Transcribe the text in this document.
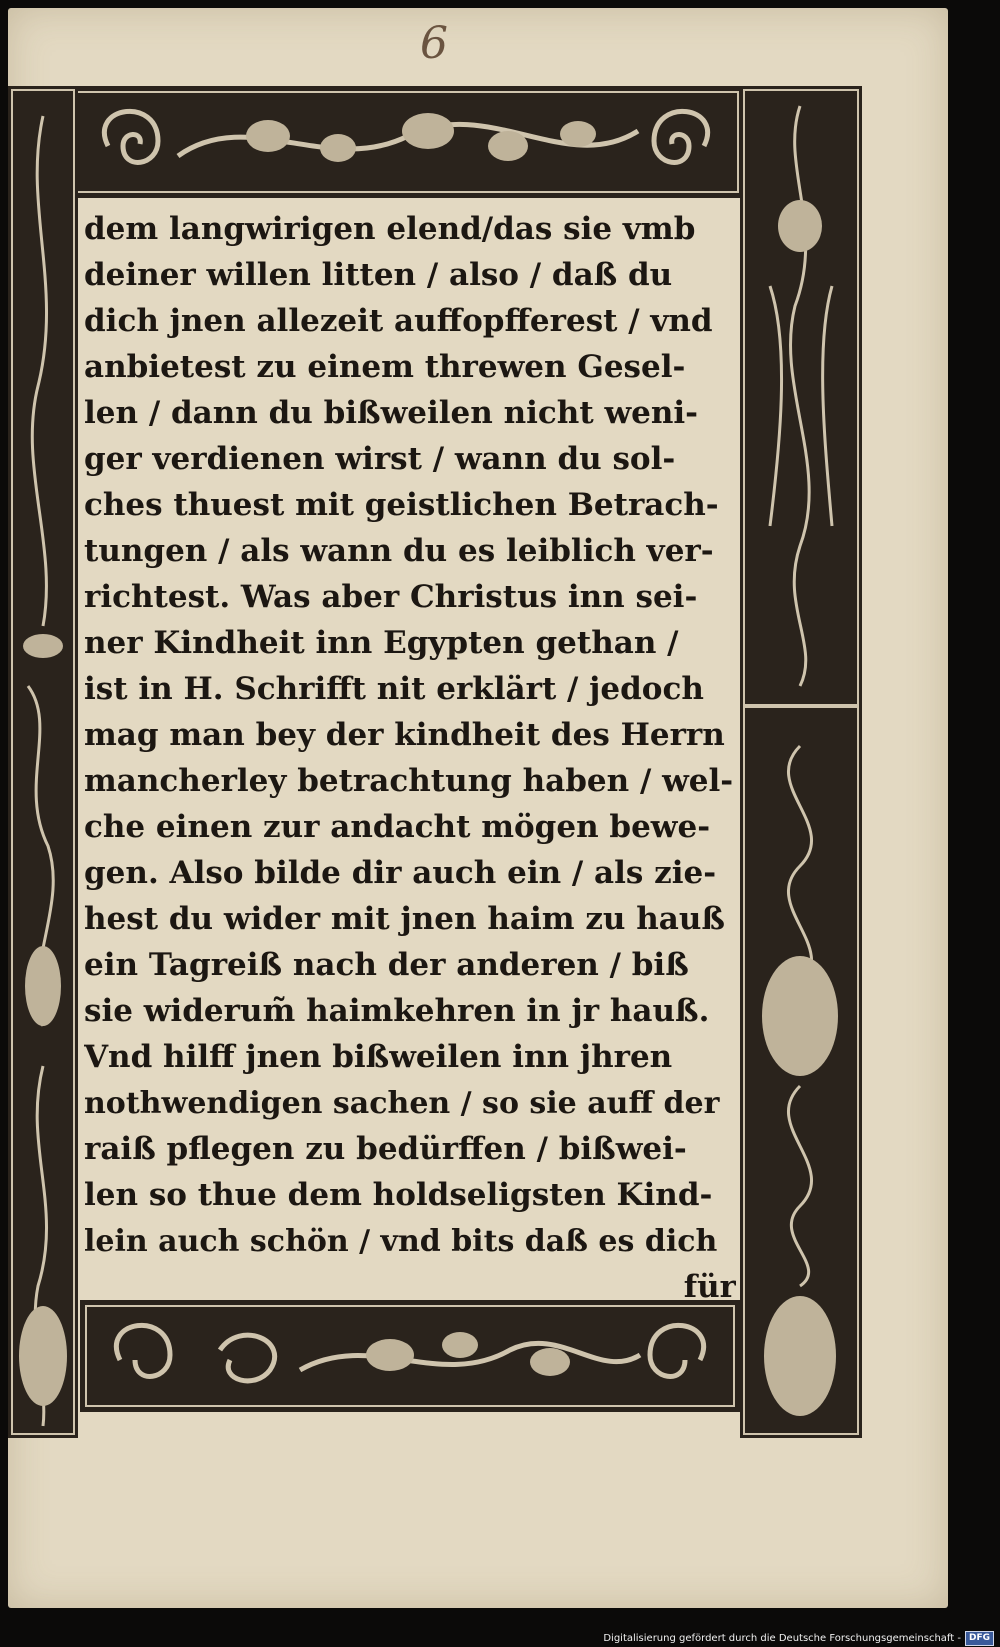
6
dem langwirigen elend/das sie vmb
deiner willen litten / also / daß du
dich jnen allezeit auffopfferest / vnd
anbietest zu einem threwen Gesel-
len / dann du bißweilen nicht weni-
ger verdienen wirst / wann du sol-
ches thuest mit geistlichen Betrach-
tungen / als wann du es leiblich ver-
richtest. Was aber Christus inn sei-
ner Kindheit inn Egypten gethan /
ist in H. Schrifft nit erklärt / jedoch
mag man bey der kindheit des Herrn
mancherley betrachtung haben / wel-
che einen zur andacht mögen bewe-
gen. Also bilde dir auch ein / als zie-
hest du wider mit jnen haim zu hauß
ein Tagreiß nach der anderen / biß
sie widerum̃ haimkehren in jr hauß.
Vnd hilff jnen bißweilen inn jhren
nothwendigen sachen / so sie auff der
raiß pflegen zu bedürffen / bißwei-
len so thue dem holdseligsten Kind-
lein auch schön / vnd bits daß es dich
für
Digitalisierung gefördert durch die Deutsche Forschungsgemeinschaft - DFG
